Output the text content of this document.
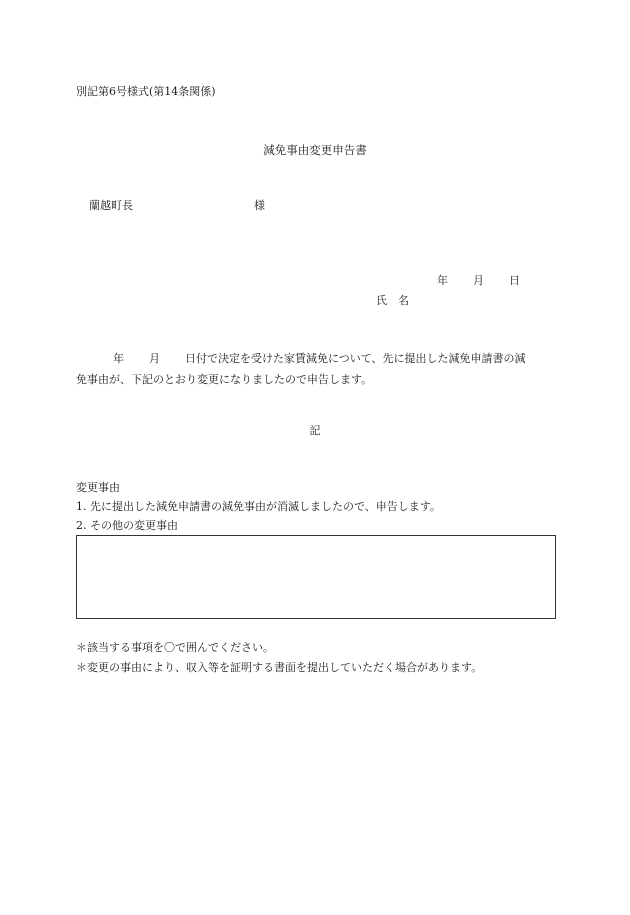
別記第6号様式(第14条関係)
減免事由変更申告書
蘭越町長	様
年 月 日
氏　名
年 月 日付で決定を受けた家賃減免について、先に提出した減免申請書の減
免事由が、下記のとおり変更になりましたので申告します。
記
変更事由
1. 先に提出した減免申請書の減免事由が消滅しましたので、申告します。
2. その他の変更事由
＊該当する事項を〇で囲んでください。
＊変更の事由により、収入等を証明する書面を提出していただく場合があります。
